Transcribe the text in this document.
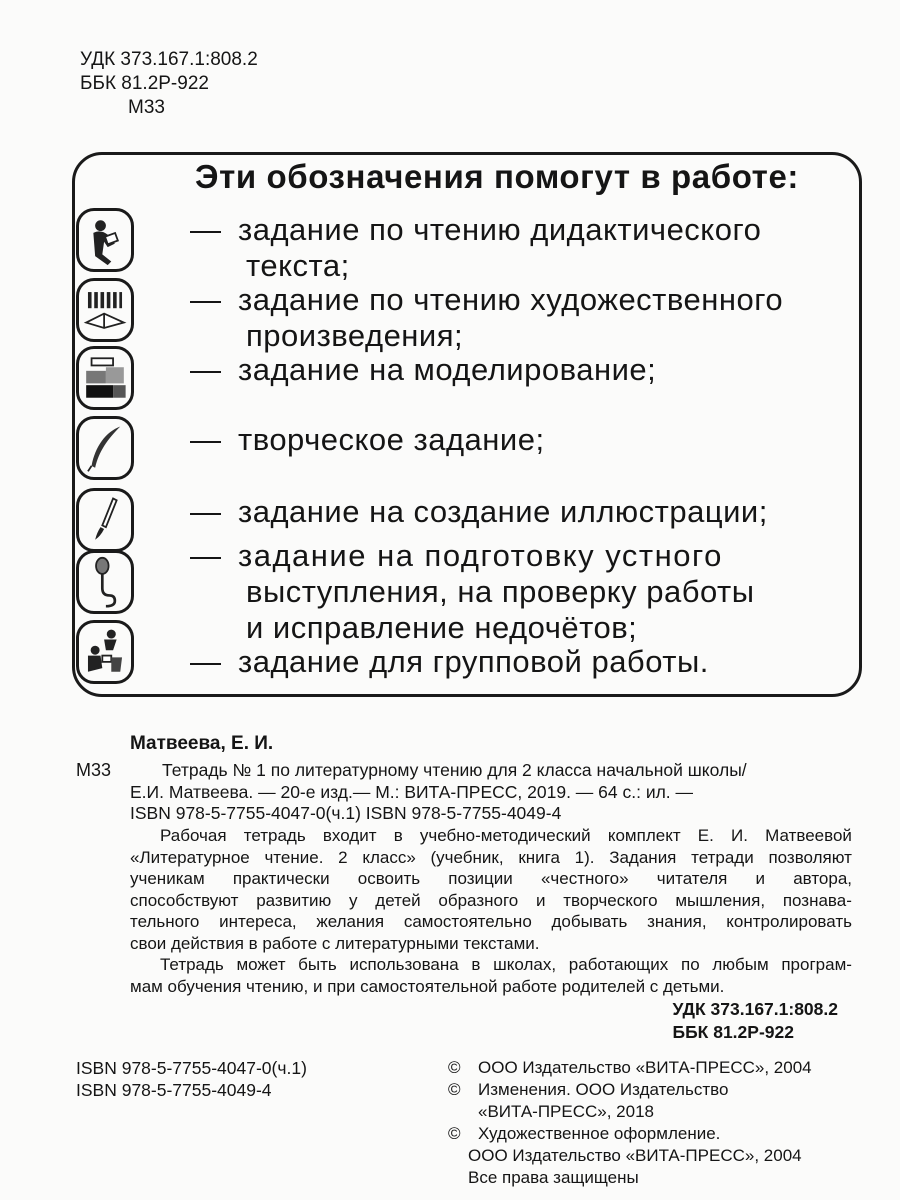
УДК 373.167.1:808.2
ББК 81.2Р-922
М33
Эти обозначения помогут в работе:
— задание по чтению дидактического
текста;
— задание по чтению художественного
произведения;
— задание на моделирование;
— творческое задание;
— задание на создание иллюстрации;
— задание на подготовку устного
выступления, на проверку работы
и исправление недочётов;
— задание для групповой работы.
Матвеева, Е. И.
М33	Тетрадь № 1 по литературному чтению для 2 класса начальной школы/
Е.И. Матвеева. — 20-е изд.— М.: ВИТА-ПРЕСС, 2019. — 64 с.: ил. —
ISBN 978-5-7755-4047-0(ч.1) ISBN 978-5-7755-4049-4
Рабочая тетрадь входит в учебно-методический комплект Е. И. Матвеевой
«Литературное чтение. 2 класс» (учебник, книга 1). Задания тетради позволяют
ученикам практически освоить позиции «честного» читателя и автора,
способствуют развитию у детей образного и творческого мышления, познава-
тельного интереса, желания самостоятельно добывать знания, контролировать
свои действия в работе с литературными текстами.
Тетрадь может быть использована в школах, работающих по любым програм-
мам обучения чтению, и при самостоятельной работе родителей с детьми.
УДК 373.167.1:808.2
ББК 81.2Р-922
ISBN 978-5-7755-4047-0(ч.1)
ISBN 978-5-7755-4049-4
© ООО Издательство «ВИТА-ПРЕСС», 2004
© Изменения. ООО Издательство
«ВИТА-ПРЕСС», 2018
© Художественное оформление.
ООО Издательство «ВИТА-ПРЕСС», 2004
Все права защищены
